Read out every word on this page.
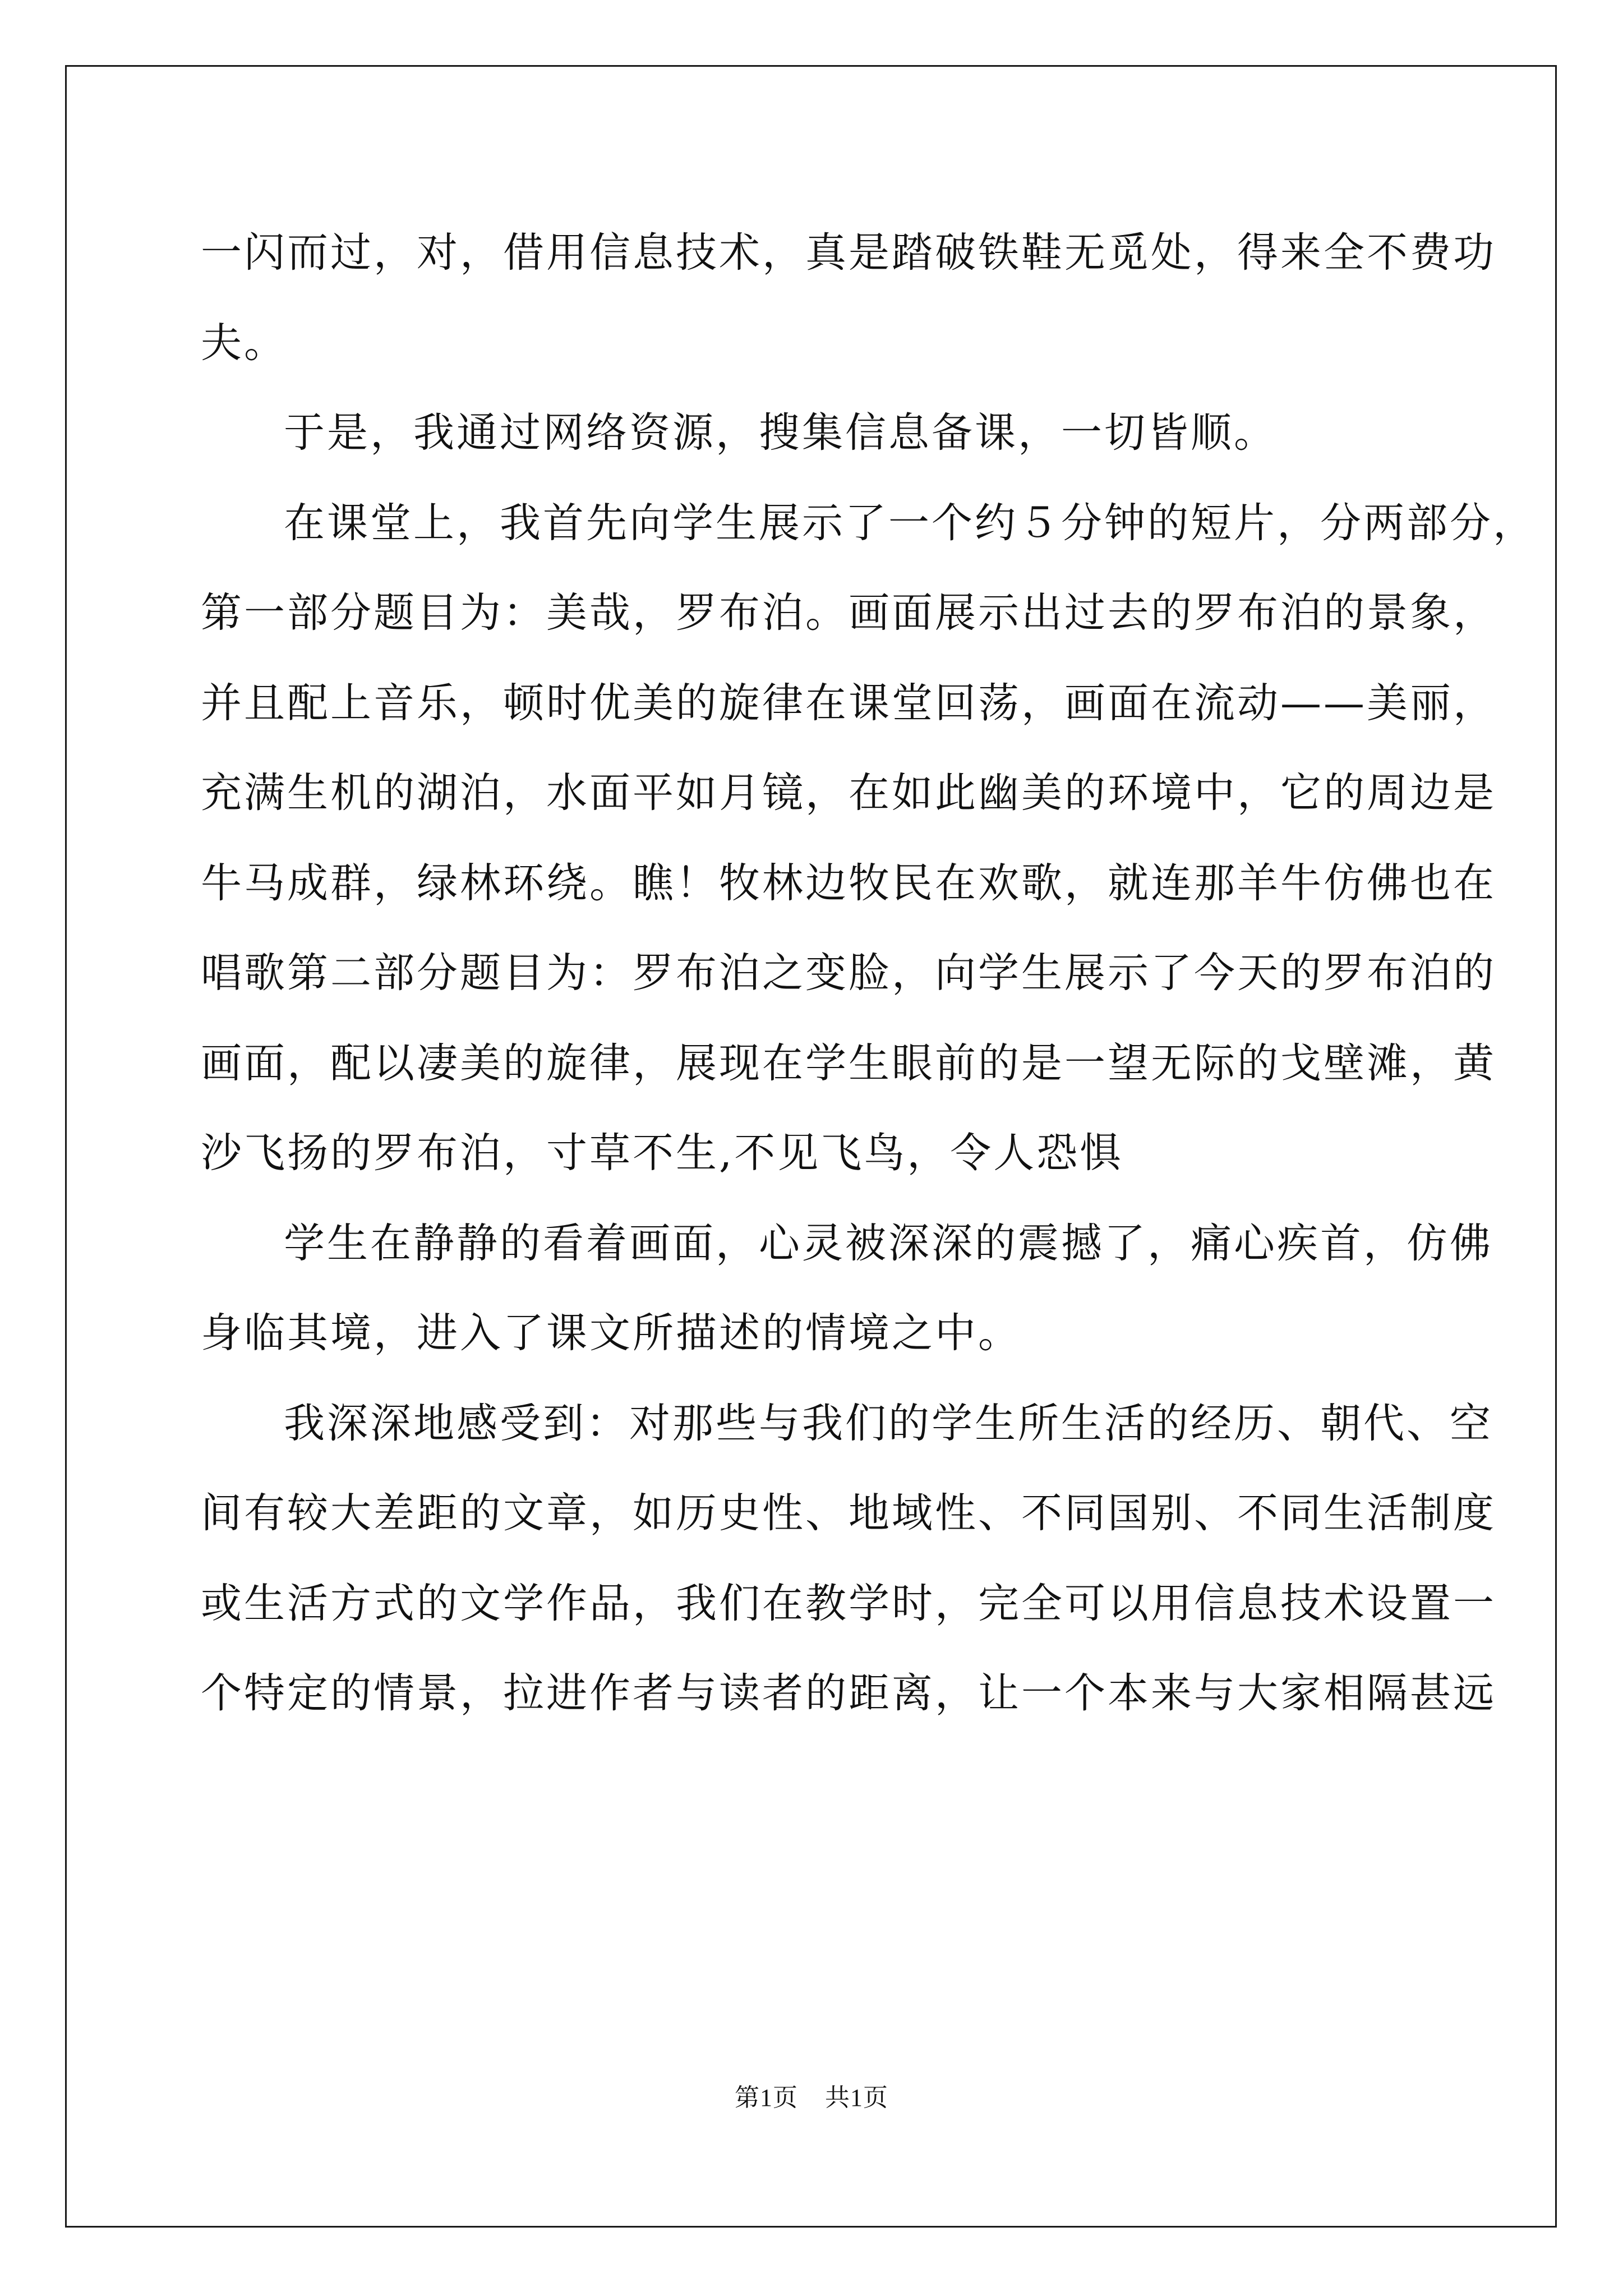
一闪而过，对，借用信息技术，真是踏破铁鞋无觅处，得来全不费功
夫。
于是，我通过网络资源，搜集信息备课，一切皆顺。
在课堂上，我首先向学生展示了一个约５分钟的短片，分两部分，
第一部分题目为：美哉，罗布泊。画面展示出过去的罗布泊的景象，
并且配上音乐，顿时优美的旋律在课堂回荡，画面在流动——美丽，
充满生机的湖泊，水面平如月镜，在如此幽美的环境中，它的周边是
牛马成群，绿林环绕。瞧！牧林边牧民在欢歌，就连那羊牛仿佛也在
唱歌第二部分题目为：罗布泊之变脸，向学生展示了今天的罗布泊的
画面，配以凄美的旋律，展现在学生眼前的是一望无际的戈壁滩，黄
沙飞扬的罗布泊，寸草不生,不见飞鸟，令人恐惧
学生在静静的看着画面，心灵被深深的震撼了，痛心疾首，仿佛
身临其境，进入了课文所描述的情境之中。
我深深地感受到：对那些与我们的学生所生活的经历、朝代、空
间有较大差距的文章，如历史性、地域性、不同国别、不同生活制度
或生活方式的文学作品，我们在教学时，完全可以用信息技术设置一
个特定的情景，拉进作者与读者的距离，让一个本来与大家相隔甚远
第1页 共1页
